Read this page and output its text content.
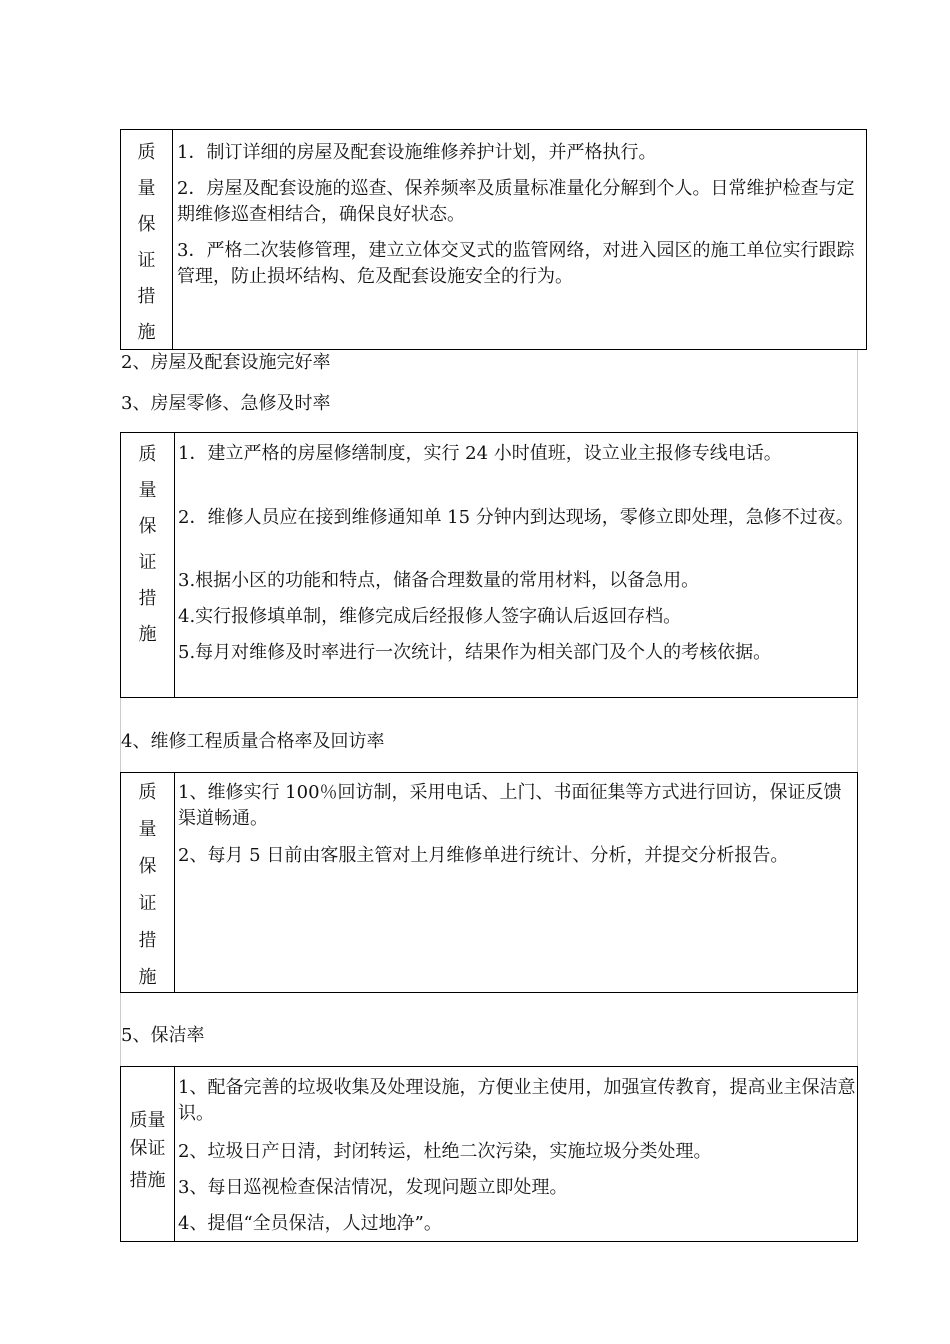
质
量
保
证
措
施
1．制订详细的房屋及配套设施维修养护计划，并严格执行。
2．房屋及配套设施的巡查、保养频率及质量标准量化分解到个人。日常维护检查与定期维修巡查相结合，确保良好状态。
3．严格二次装修管理，建立立体交叉式的监管网络，对进入园区的施工单位实行跟踪管理，防止损坏结构、危及配套设施安全的行为。
2、房屋及配套设施完好率
3、房屋零修、急修及时率
质
量
保
证
措
施
1．建立严格的房屋修缮制度，实行 24 小时值班，设立业主报修专线电话。
2．维修人员应在接到维修通知单 15 分钟内到达现场，零修立即处理，急修不过夜。
3.根据小区的功能和特点，储备合理数量的常用材料，以备急用。
4.实行报修填单制，维修完成后经报修人签字确认后返回存档。
5.每月对维修及时率进行一次统计，结果作为相关部门及个人的考核依据。
4、维修工程质量合格率及回访率
质
量
保
证
措
施
1、维修实行 100％回访制，采用电话、上门、书面征集等方式进行回访，保证反馈渠道畅通。
2、每月 5 日前由客服主管对上月维修单进行统计、分析，并提交分析报告。
5、保洁率
质量
保证
措施
1、配备完善的垃圾收集及处理设施，方便业主使用，加强宣传教育，提高业主保洁意识。
2、垃圾日产日清，封闭转运，杜绝二次污染，实施垃圾分类处理。
3、每日巡视检查保洁情况，发现问题立即处理。
4、提倡“全员保洁，人过地净”。
